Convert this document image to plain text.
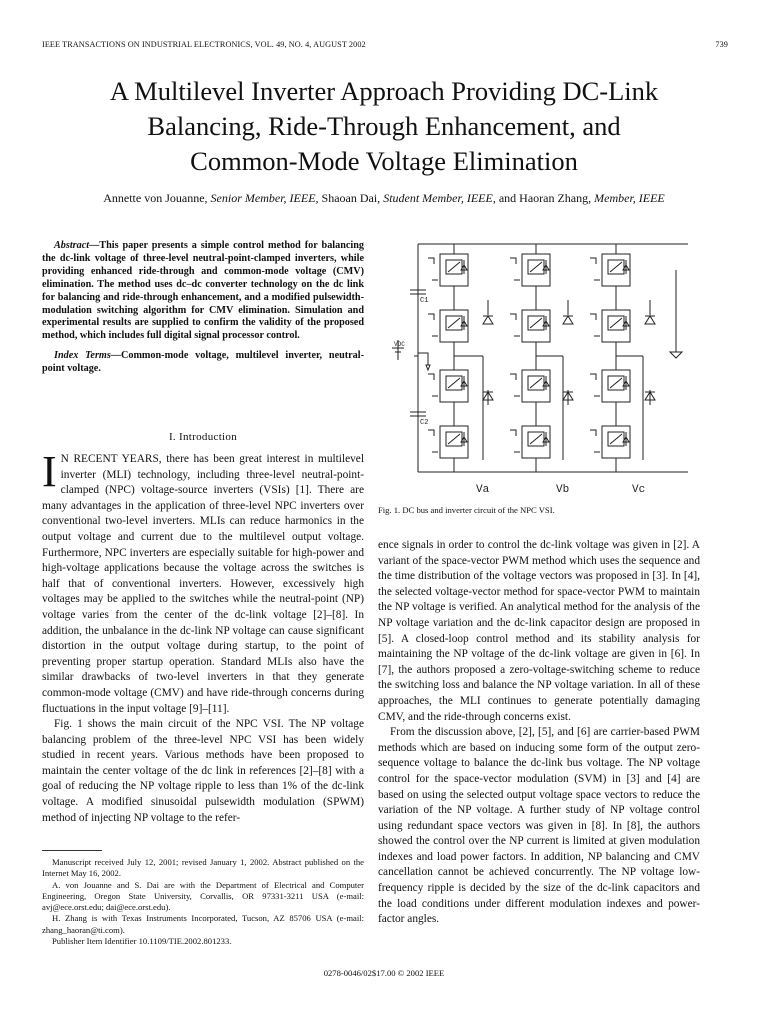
IEEE TRANSACTIONS ON INDUSTRIAL ELECTRONICS, VOL. 49, NO. 4, AUGUST 2002	739
A Multilevel Inverter Approach Providing DC-Link
Balancing, Ride-Through Enhancement, and
Common-Mode Voltage Elimination
Annette von Jouanne, Senior Member, IEEE, Shaoan Dai, Student Member, IEEE, and Haoran Zhang, Member, IEEE

Abstract—This paper presents a simple control method for balancing the dc-link voltage of three-level neutral-point-clamped inverters, while providing enhanced ride-through and common-mode voltage (CMV) elimination. The method uses dc–dc converter technology on the dc link for balancing and ride-through enhancement, and a modified pulsewidth-modulation switching algorithm for CMV elimination. Simulation and experimental results are supplied to confirm the validity of the proposed method, which includes full digital signal processor control.

Index Terms—Common-mode voltage, multilevel inverter, neutral-point voltage.

I. Introduction

I N RECENT YEARS, there has been great interest in multilevel inverter (MLI) technology, including three-level neutral-point-clamped (NPC) voltage-source inverters (VSIs) [1]. There are many advantages in the application of three-level NPC inverters over conventional two-level inverters. MLIs can reduce harmonics in the output voltage and current due to the multilevel output voltage. Furthermore, NPC inverters are especially suitable for high-power and high-voltage applications because the voltage across the switches is half that of conventional inverters. However, excessively high voltages may be applied to the switches while the neutral-point (NP) voltage varies from the center of the dc-link voltage [2]–[8]. In addition, the unbalance in the dc-link NP voltage can cause significant distortion in the output voltage during startup, to the point of preventing proper startup operation. Standard MLIs also have the similar drawbacks of two-level inverters in that they generate common-mode voltage (CMV) and have ride-through concerns during fluctuations in the input voltage [9]–[11].

Fig. 1 shows the main circuit of the NPC VSI. The NP voltage balancing problem of the three-level NPC VSI has been widely studied in recent years. Various methods have been proposed to maintain the center voltage of the dc link in references [2]–[8] with a goal of reducing the NP voltage ripple to less than 1% of the dc-link voltage. A modified sinusoidal pulsewidth modulation (SPWM) method of injecting NP voltage to the refer-

Manuscript received July 12, 2001; revised January 1, 2002. Abstract published on the Internet May 16, 2002.

A. von Jouanne and S. Dai are with the Department of Electrical and Computer Engineering, Oregon State University, Corvallis, OR 97331-3211 USA (e-mail: avj@ece.orst.edu; dai@ece.orst.edu).

H. Zhang is with Texas Instruments Incorporated, Tucson, AZ 85706 USA (e-mail: zhang_haoran@ti.com).

Publisher Item Identifier 10.1109/TIE.2002.801233.

C1
C2
VDC
Va	Vb	Vc
Fig. 1. DC bus and inverter circuit of the NPC VSI.

ence signals in order to control the dc-link voltage was given in [2]. A variant of the space-vector PWM method which uses the sequence and the time distribution of the voltage vectors was proposed in [3]. In [4], the selected voltage-vector method for space-vector PWM to maintain the NP voltage is verified. An analytical method for the analysis of the NP voltage variation and the dc-link capacitor design are proposed in [5]. A closed-loop control method and its stability analysis for maintaining the NP voltage of the dc-link voltage are given in [6]. In [7], the authors proposed a zero-voltage-switching scheme to reduce the switching loss and balance the NP voltage variation. In all of these approaches, the MLI continues to generate potentially damaging CMV, and the ride-through concerns exist.

From the discussion above, [2], [5], and [6] are carrier-based PWM methods which are based on inducing some form of the output zero-sequence voltage to balance the dc-link bus voltage. The NP voltage control for the space-vector modulation (SVM) in [3] and [4] are based on using the selected output voltage space vectors to reduce the variation of the NP voltage. A further study of NP voltage control using redundant space vectors was given in [8]. In [8], the authors showed the control over the NP current is limited at given modulation indexes and load power factors. In addition, NP balancing and CMV cancellation cannot be achieved concurrently. The NP voltage low-frequency ripple is decided by the size of the dc-link capacitors and the load conditions under different modulation indexes and power-factor angles.

0278-0046/02$17.00 © 2002 IEEE
